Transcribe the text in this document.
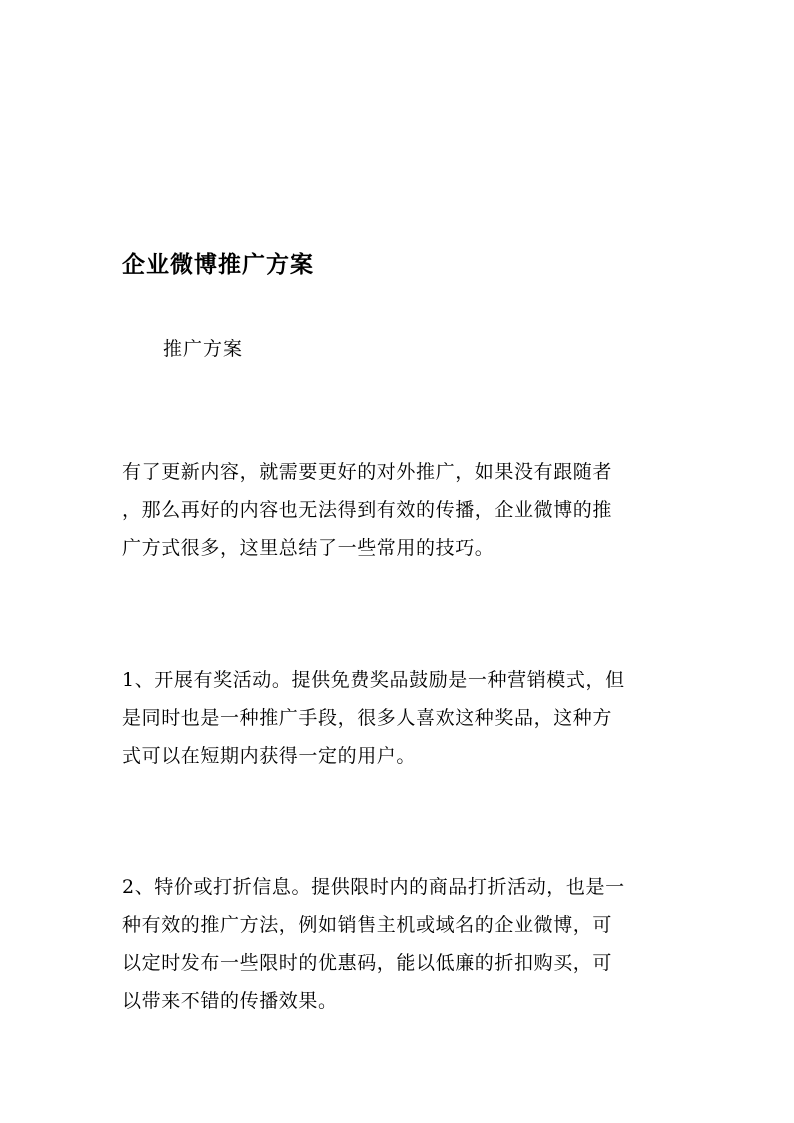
企业微博推广方案

推广方案

有了更新内容，就需要更好的对外推广，如果没有跟随者
，那么再好的内容也无法得到有效的传播，企业微博的推
广方式很多，这里总结了一些常用的技巧。
1、开展有奖活动。提供免费奖品鼓励是一种营销模式，但
是同时也是一种推广手段，很多人喜欢这种奖品，这种方
式可以在短期内获得一定的用户。
2、特价或打折信息。提供限时内的商品打折活动，也是一
种有效的推广方法，例如销售主机或域名的企业微博，可
以定时发布一些限时的优惠码，能以低廉的折扣购买，可
以带来不错的传播效果。
